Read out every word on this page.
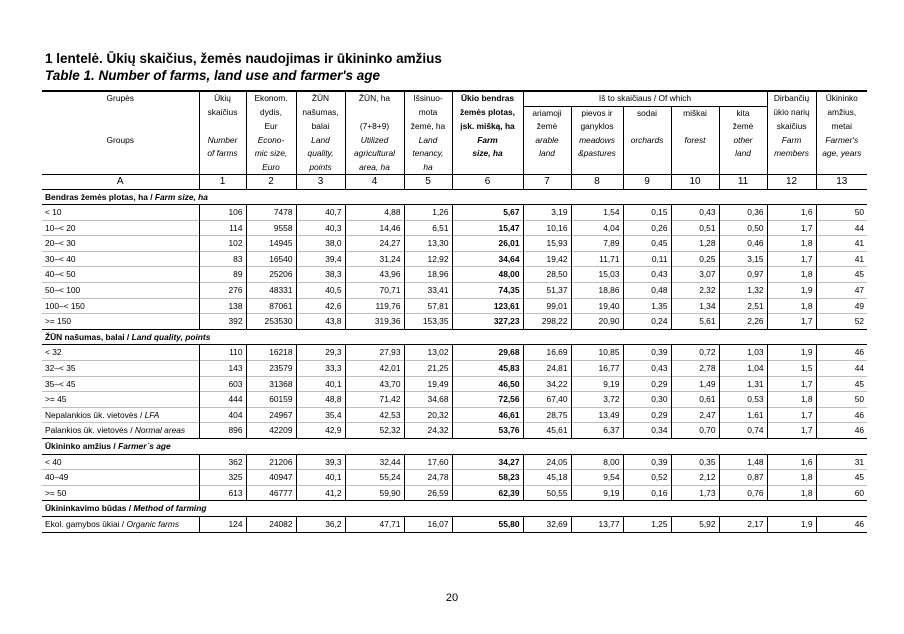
1 lentelė. Ūkių skaičius, žemės naudojimas ir ūkininko amžius
Table 1. Number of farms, land use and farmer's age
Grupės	Ūkių	Ekonom.	ŽŪN	ŽŪN, ha	Išsinuo-	Ūkio bendras	Iš to skaičiaus / Of which					Dirbančių	Ūkininko
	skaičius	dydis,	našumas,		mota	žemės plotas,	ariamoji	pievos ir	sodai	miškai	kita	ūkio narių	amžius,
		Eur	balai	(7+8+9)	žemė, ha	įsk. mišką, ha	žemė	ganyklos			žemė	skaičius	metai
Groups	Number	Econo-	Land	Utilized	Land	Farm	arable	meadows	orchards	forest	other	Farm	Farmer's
	of farms	mic size,	quality,	agricultural	tenancy,	size, ha	land	&pastures			land	members	age, years
		Euro	points	area, ha	ha								
A	1	2	3	4	5	6	7	8	9	10	11	12	13
Bendras žemės plotas, ha / Farm size, ha													
< 10	106	7478	40,7	4,88	1,26	5,67	3,19	1,54	0,15	0,43	0,36	1,6	50
10–< 20	114	9558	40,3	14,46	6,51	15,47	10,16	4,04	0,26	0,51	0,50	1,7	44
20–< 30	102	14945	38,0	24,27	13,30	26,01	15,93	7,89	0,45	1,28	0,46	1,8	41
30–< 40	83	16540	39,4	31,24	12,92	34,64	19,42	11,71	0,11	0,25	3,15	1,7	41
40–< 50	89	25206	38,3	43,96	18,96	48,00	28,50	15,03	0,43	3,07	0,97	1,8	45
50–< 100	276	48331	40,5	70,71	33,41	74,35	51,37	18,86	0,48	2,32	1,32	1,9	47
100–< 150	138	87061	42,6	119,76	57,81	123,61	99,01	19,40	1,35	1,34	2,51	1,8	49
>= 150	392	253530	43,8	319,36	153,35	327,23	298,22	20,90	0,24	5,61	2,26	1,7	52
ŽŪN našumas, balai / Land quality, points													
< 32	110	16218	29,3	27,93	13,02	29,68	16,69	10,85	0,39	0,72	1,03	1,9	46
32–< 35	143	23579	33,3	42,01	21,25	45,83	24,81	16,77	0,43	2,78	1,04	1,5	44
35–< 45	603	31368	40,1	43,70	19,49	46,50	34,22	9,19	0,29	1,49	1,31	1,7	45
>= 45	444	60159	48,8	71,42	34,68	72,56	67,40	3,72	0,30	0,61	0,53	1,8	50
Nepalankios ūk. vietovės / LFA	404	24967	35,4	42,53	20,32	46,61	28,75	13,49	0,29	2,47	1,61	1,7	46
Palankios ūk. vietovės / Normal areas	896	42209	42,9	52,32	24,32	53,76	45,61	6,37	0,34	0,70	0,74	1,7	46
Ūkininko amžius / Farmer`s age													
< 40	362	21206	39,3	32,44	17,60	34,27	24,05	8,00	0,39	0,35	1,48	1,6	31
40–49	325	40947	40,1	55,24	24,78	58,23	45,18	9,54	0,52	2,12	0,87	1,8	45
>= 50	613	46777	41,2	59,90	26,59	62,39	50,55	9,19	0,16	1,73	0,76	1,8	60
Ūkininkavimo būdas / Method of farming													
Ekol. gamybos ūkiai / Organic farms	124	24082	36,2	47,71	16,07	55,80	32,69	13,77	1,25	5,92	2,17	1,9	46
20
